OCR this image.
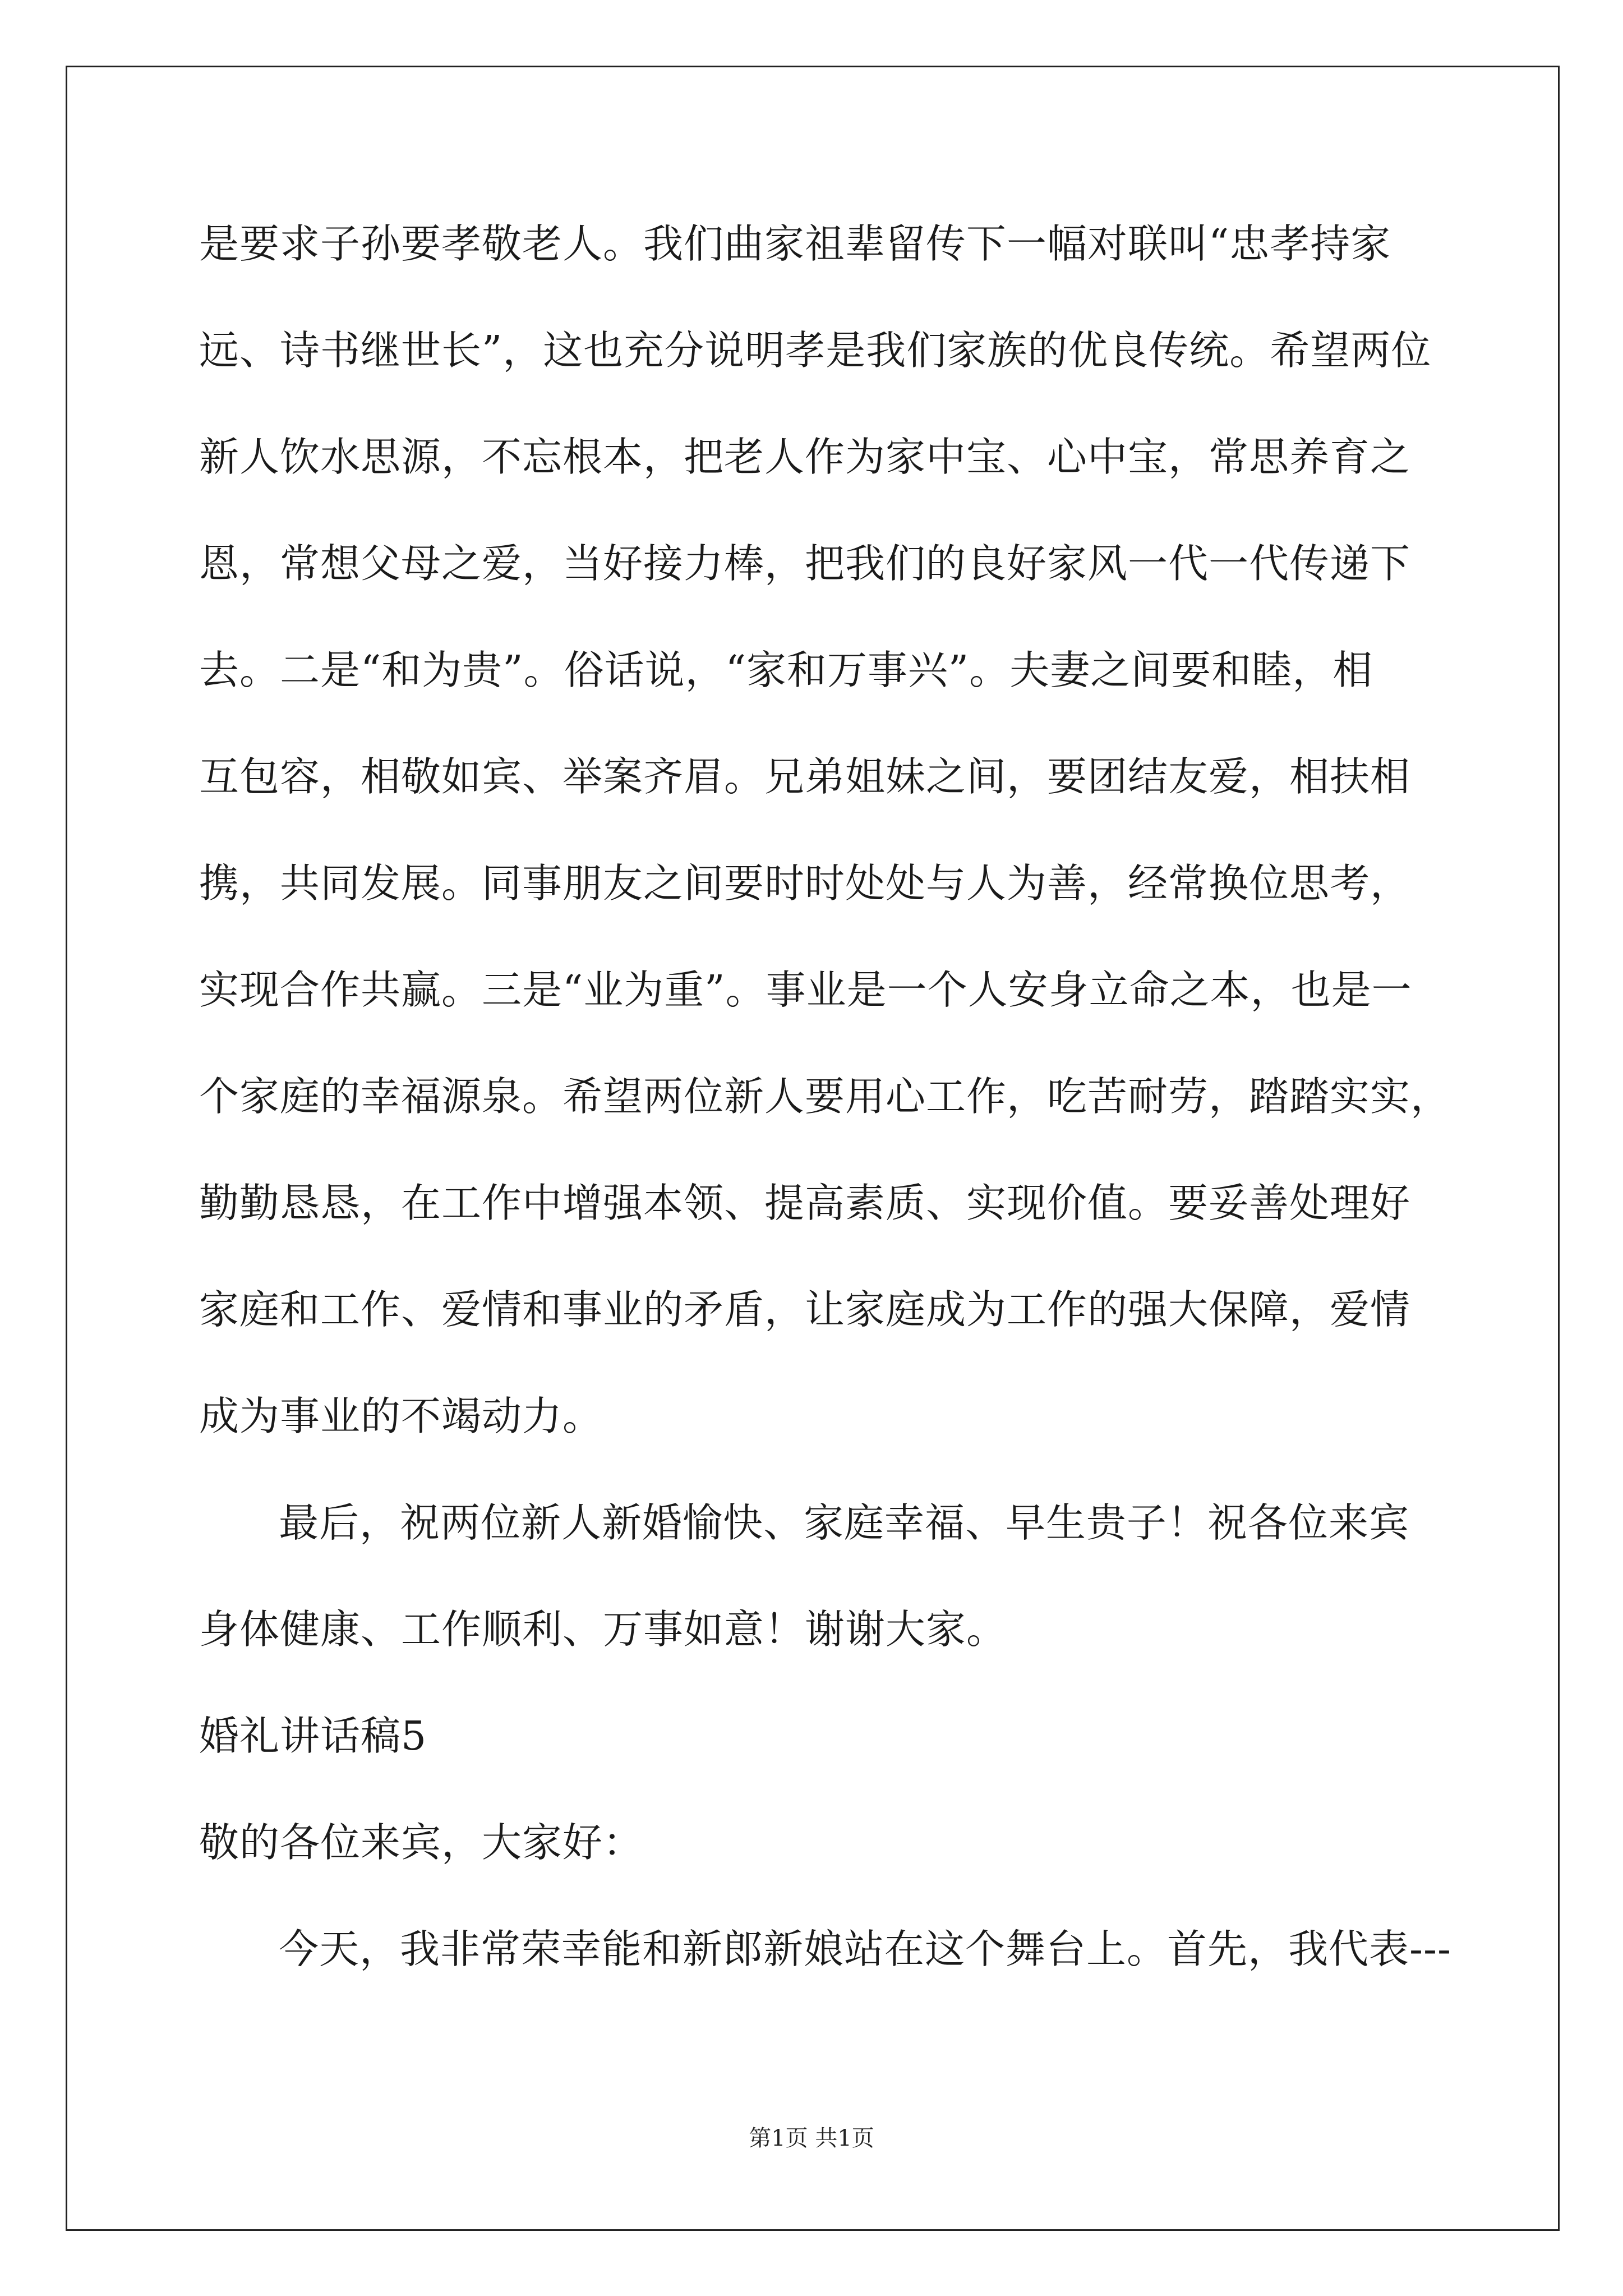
是要求子孙要孝敬老人。我们曲家祖辈留传下一幅对联叫“忠孝持家
远、诗书继世长”，这也充分说明孝是我们家族的优良传统。希望两位
新人饮水思源，不忘根本，把老人作为家中宝、心中宝，常思养育之
恩，常想父母之爱，当好接力棒，把我们的良好家风一代一代传递下
去。二是“和为贵”。俗话说，“家和万事兴”。夫妻之间要和睦，相
互包容，相敬如宾、举案齐眉。兄弟姐妹之间，要团结友爱，相扶相
携，共同发展。同事朋友之间要时时处处与人为善，经常换位思考，
实现合作共赢。三是“业为重”。事业是一个人安身立命之本，也是一
个家庭的幸福源泉。希望两位新人要用心工作，吃苦耐劳，踏踏实实，
勤勤恳恳，在工作中增强本领、提高素质、实现价值。要妥善处理好
家庭和工作、爱情和事业的矛盾，让家庭成为工作的强大保障，爱情
成为事业的不竭动力。
最后，祝两位新人新婚愉快、家庭幸福、早生贵子！祝各位来宾
身体健康、工作顺利、万事如意！谢谢大家。
婚礼讲话稿5
敬的各位来宾，大家好：
今天，我非常荣幸能和新郎新娘站在这个舞台上。首先，我代表---
第1页 共1页
